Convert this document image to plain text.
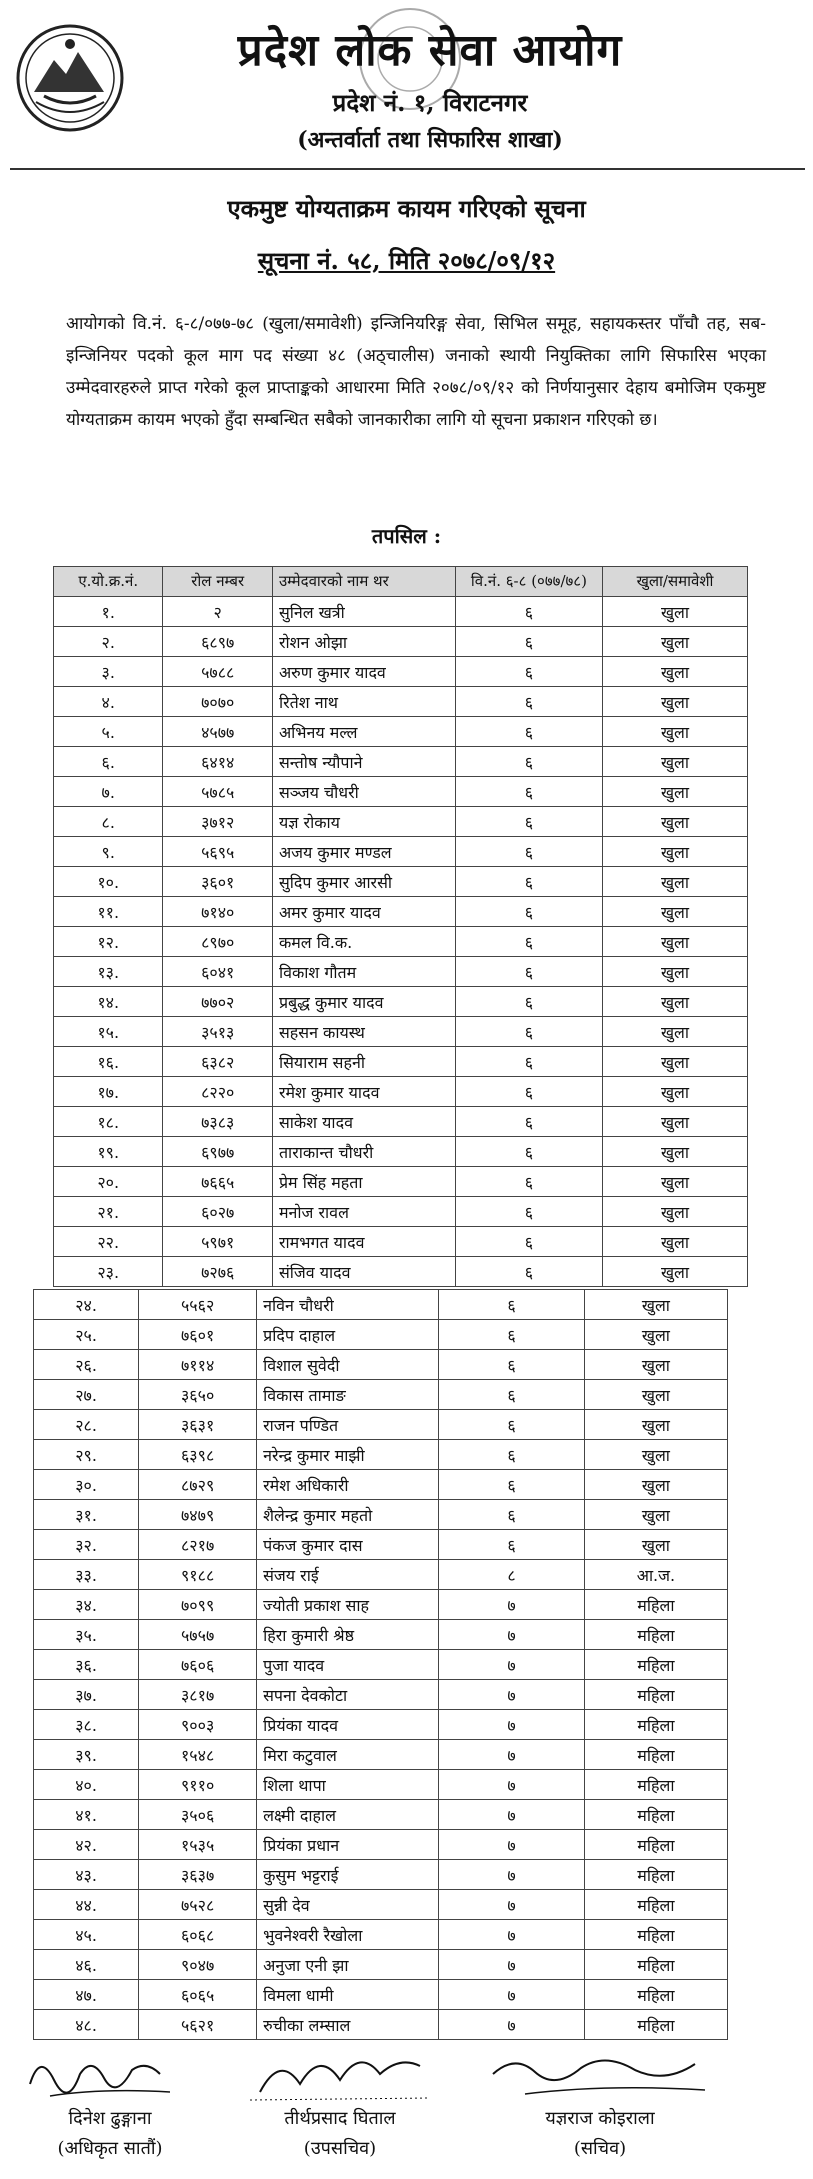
प्रदेश लोक सेवा आयोग
प्रदेश नं. १, विराटनगर
(अन्तर्वार्ता तथा सिफारिस शाखा)
एकमुष्ट योग्यताक्रम कायम गरिएको सूचना
सूचना नं. ५८, मिति २०७८/०९/१२
आयोगको वि.नं. ६-८/०७७-७८ (खुला/समावेशी) इन्जिनियरिङ्ग सेवा, सिभिल समूह, सहायकस्तर पाँचौ तह, सब-इन्जिनियर पदको कूल माग पद संख्या ४८ (अठ्चालीस) जनाको स्थायी नियुक्तिका लागि सिफारिस भएका उम्मेदवारहरुले प्राप्त गरेको कूल प्राप्ताङ्कको आधारमा मिति २०७८/०९/१२ को निर्णयानुसार देहाय बमोजिम एकमुष्ट योग्यताक्रम कायम भएको हुँदा सम्बन्धित सबैको जानकारीका लागि यो सूचना प्रकाशन गरिएको छ।
तपसिल :
ए.यो.क्र.नं.	रोल नम्बर	उम्मेदवारको नाम थर	वि.नं. ६-८ (०७७/७८)	खुला/समावेशी
१.	२	सुनिल खत्री	६	खुला
२.	६८९७	रोशन ओझा	६	खुला
३.	५७८८	अरुण कुमार यादव	६	खुला
४.	७०७०	रितेश नाथ	६	खुला
५.	४५७७	अभिनय मल्ल	६	खुला
६.	६४१४	सन्तोष न्यौपाने	६	खुला
७.	५७८५	सञ्जय चौधरी	६	खुला
८.	३७१२	यज्ञ रोकाय	६	खुला
९.	५६९५	अजय कुमार मण्डल	६	खुला
१०.	३६०१	सुदिप कुमार आरसी	६	खुला
११.	७१४०	अमर कुमार यादव	६	खुला
१२.	८९७०	कमल वि.क.	६	खुला
१३.	६०४१	विकाश गौतम	६	खुला
१४.	७७०२	प्रबुद्ध कुमार यादव	६	खुला
१५.	३५१३	सहसन कायस्थ	६	खुला
१६.	६३८२	सियाराम सहनी	६	खुला
१७.	८२२०	रमेश कुमार यादव	६	खुला
१८.	७३८३	साकेश यादव	६	खुला
१९.	६९७७	ताराकान्त चौधरी	६	खुला
२०.	७६६५	प्रेम सिंह महता	६	खुला
२१.	६०२७	मनोज रावल	६	खुला
२२.	५९७१	रामभगत यादव	६	खुला
२३.	७२७६	संजिव यादव	६	खुला
२४.	५५६२	नविन चौधरी	६	खुला
२५.	७६०१	प्रदिप दाहाल	६	खुला
२६.	७११४	विशाल सुवेदी	६	खुला
२७.	३६५०	विकास तामाङ	६	खुला
२८.	३६३१	राजन पण्डित	६	खुला
२९.	६३९८	नरेन्द्र कुमार माझी	६	खुला
३०.	८७२९	रमेश अधिकारी	६	खुला
३१.	७४७९	शैलेन्द्र कुमार महतो	६	खुला
३२.	८२१७	पंकज कुमार दास	६	खुला
३३.	९१८८	संजय राई	८	आ.ज.
३४.	७०९९	ज्योती प्रकाश साह	७	महिला
३५.	५७५७	हिरा कुमारी श्रेष्ठ	७	महिला
३६.	७६०६	पुजा यादव	७	महिला
३७.	३८१७	सपना देवकोटा	७	महिला
३८.	९००३	प्रियंका यादव	७	महिला
३९.	१५४८	मिरा कटुवाल	७	महिला
४०.	९११०	शिला थापा	७	महिला
४१.	३५०६	लक्ष्मी दाहाल	७	महिला
४२.	१५३५	प्रियंका प्रधान	७	महिला
४३.	३६३७	कुसुम भट्टराई	७	महिला
४४.	७५२८	सुन्नी देव	७	महिला
४५.	६०६८	भुवनेश्वरी रैखोला	७	महिला
४६.	९०४७	अनुजा एनी झा	७	महिला
४७.	६०६५	विमला धामी	७	महिला
४८.	५६२१	रुचीका लम्साल	७	महिला
दिनेश ढुङ्गाना
(अधिकृत सातौं)
तीर्थप्रसाद घिताल
(उपसचिव)
यज्ञराज कोइराला
(सचिव)
